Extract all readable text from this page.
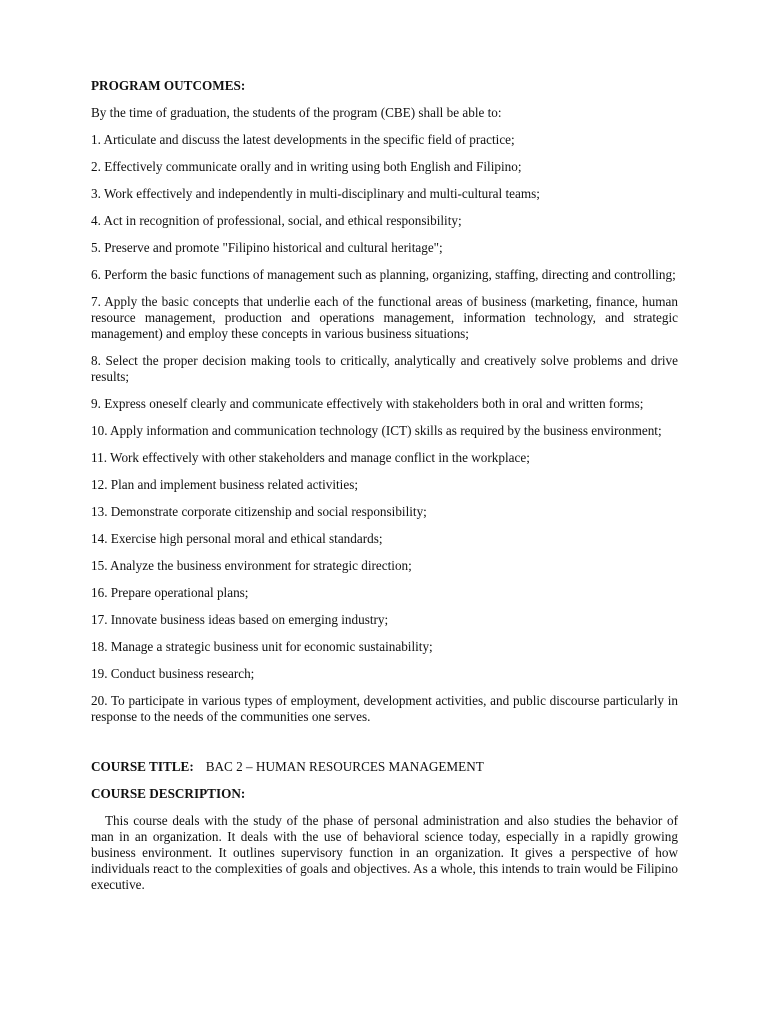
PROGRAM OUTCOMES:
By the time of graduation, the students of the program (CBE) shall be able to:
1. Articulate and discuss the latest developments in the specific field of practice;
2. Effectively communicate orally and in writing using both English and Filipino;
3. Work effectively and independently in multi-disciplinary and multi-cultural teams;
4. Act in recognition of professional, social, and ethical responsibility;
5. Preserve and promote "Filipino historical and cultural heritage";
6. Perform the basic functions of management such as planning, organizing, staffing, directing and controlling;
7. Apply the basic concepts that underlie each of the functional areas of business (marketing, finance, human resource management, production and operations management, information technology, and strategic management) and employ these concepts in various business situations;
8. Select the proper decision making tools to critically, analytically and creatively solve problems and drive results;
9. Express oneself clearly and communicate effectively with stakeholders both in oral and written forms;
10. Apply information and communication technology (ICT) skills as required by the business environment;
11. Work effectively with other stakeholders and manage conflict in the workplace;
12. Plan and implement business related activities;
13. Demonstrate corporate citizenship and social responsibility;
14. Exercise high personal moral and ethical standards;
15. Analyze the business environment for strategic direction;
16. Prepare operational plans;
17. Innovate business ideas based on emerging industry;
18. Manage a strategic business unit for economic sustainability;
19. Conduct business research;
20. To participate in various types of employment, development activities, and public discourse particularly in response to the needs of the communities one serves.
COURSE TITLE: BAC 2 – HUMAN RESOURCES MANAGEMENT
COURSE DESCRIPTION:
This course deals with the study of the phase of personal administration and also studies the behavior of man in an organization. It deals with the use of behavioral science today, especially in a rapidly growing business environment. It outlines supervisory function in an organization. It gives a perspective of how individuals react to the complexities of goals and objectives. As a whole, this intends to train would be Filipino executive.
